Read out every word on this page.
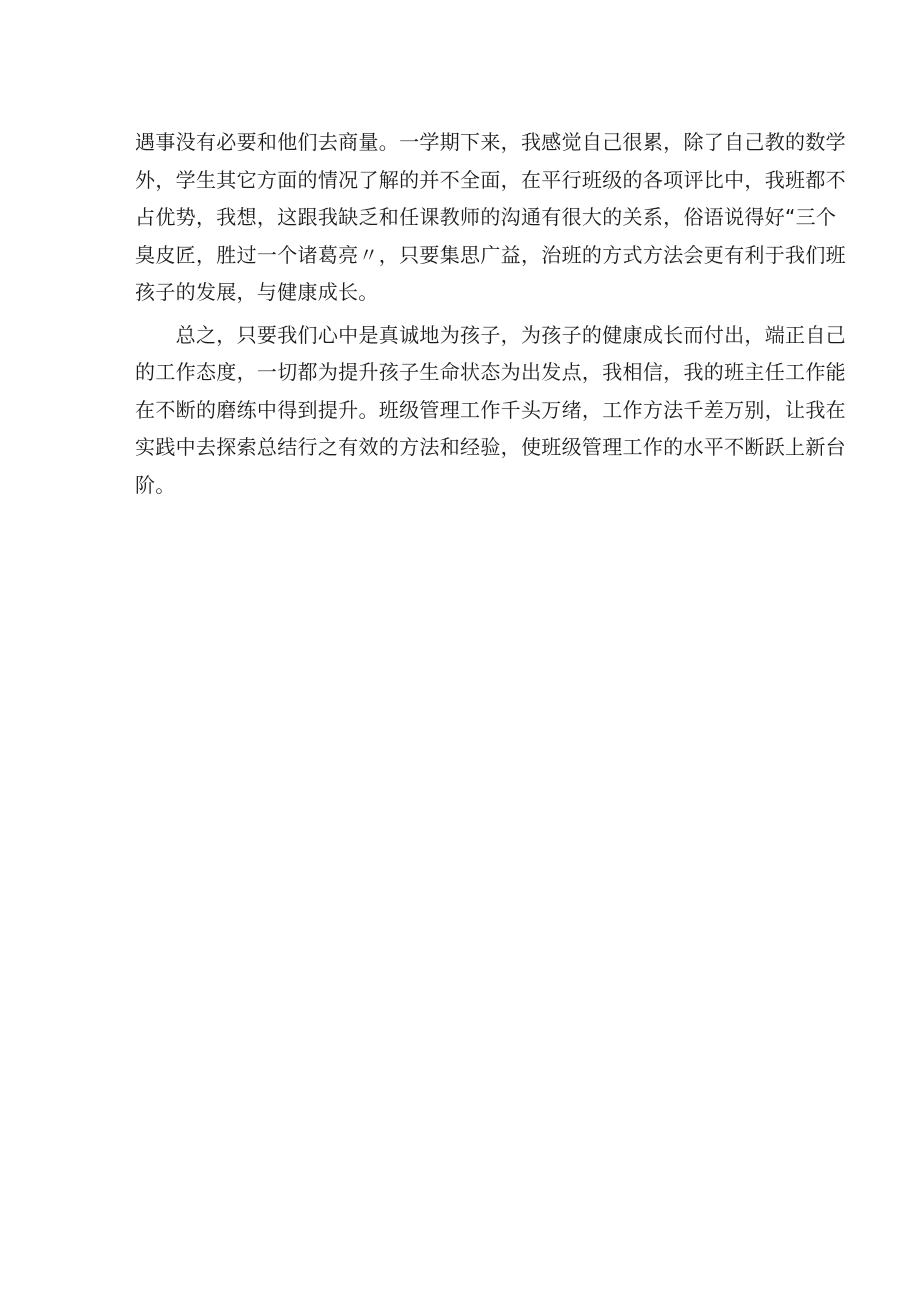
遇 事 没 有 必 要 和 他 们 去 商 量 。 一 学 期 下 来 ， 我 感 觉 自 己 很 累 ， 除 了 自 己 教 的 数 学
外 ， 学 生 其 它 方 面 的 情 况 了 解 的 并 不 全 面 ， 在 平 行 班 级 的 各 项 评 比 中 ， 我 班 都 不
占 优 势 ， 我 想 ， 这 跟 我 缺 乏 和 任 课 教 师 的 沟 通 有 很 大 的 关 系 ， 俗 语 说 得 好 “ 三 个
臭 皮 匠 ， 胜 过 一 个 诸 葛 亮 〃 ， 只 要 集 思 广 益 ， 治 班 的 方 式 方 法 会 更 有 利 于 我 们 班
孩子的发展，与健康成长。

总 之 ， 只 要 我 们 心 中 是 真 诚 地 为 孩 子 ， 为 孩 子 的 健 康 成 长 而 付 出 ， 端 正 自 己
的 工 作 态 度 ， 一 切 都 为 提 升 孩 子 生 命 状 态 为 出 发 点 ， 我 相 信 ， 我 的 班 主 任 工 作 能
在 不 断 的 磨 练 中 得 到 提 升 。 班 级 管 理 工 作 千 头 万 绪 ， 工 作 方 法 千 差 万 别 ， 让 我 在
实 践 中 去 探 索 总 结 行 之 有 效 的 方 法 和 经 验 ， 使 班 级 管 理 工 作 的 水 平 不 断 跃 上 新 台
阶。
